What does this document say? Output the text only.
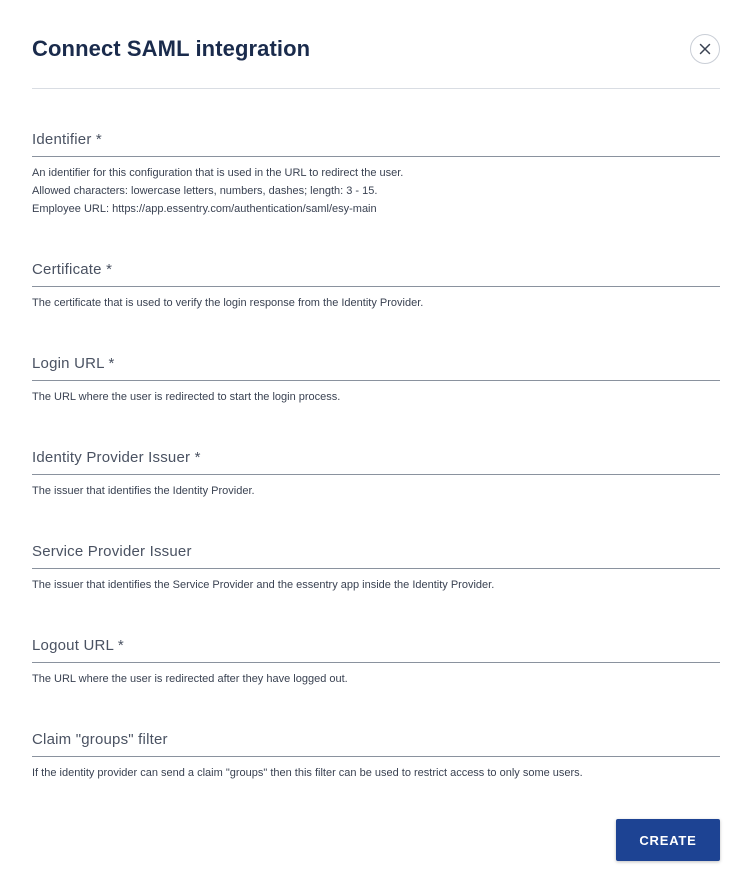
Connect SAML integration
Identifier *
An identifier for this configuration that is used in the URL to redirect the user.
Allowed characters: lowercase letters, numbers, dashes; length: 3 - 15.
Employee URL: https://app.essentry.com/authentication/saml/esy-main
Certificate *
The certificate that is used to verify the login response from the Identity Provider.
Login URL *
The URL where the user is redirected to start the login process.
Identity Provider Issuer *
The issuer that identifies the Identity Provider.
Service Provider Issuer
The issuer that identifies the Service Provider and the essentry app inside the Identity Provider.
Logout URL *
The URL where the user is redirected after they have logged out.
Claim "groups" filter
If the identity provider can send a claim "groups" then this filter can be used to restrict access to only some users.
CREATE
